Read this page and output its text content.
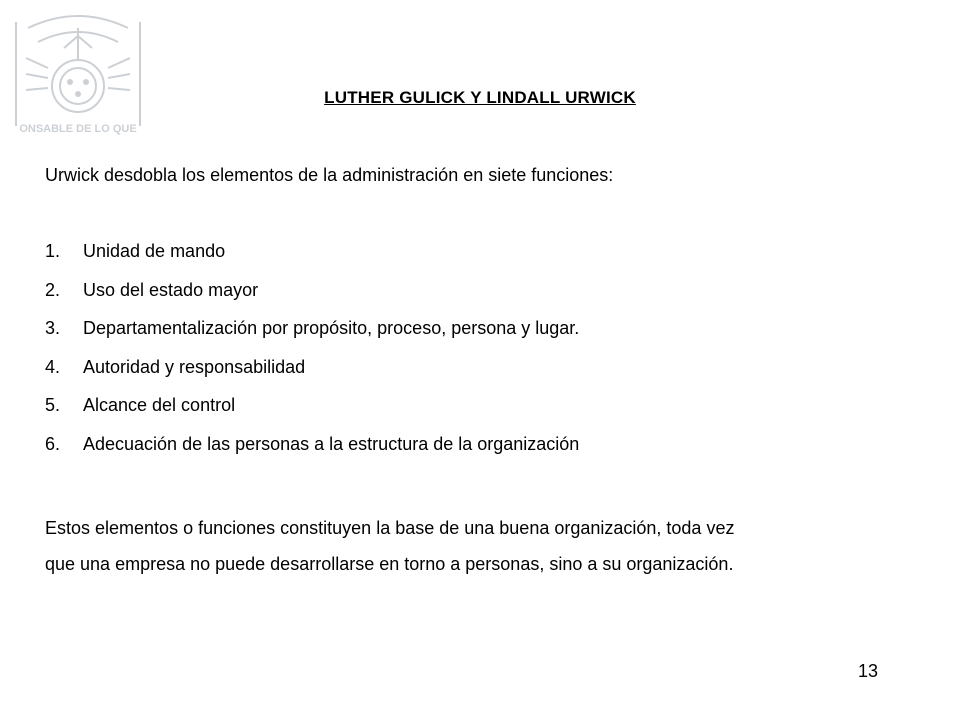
ONSABLE DE LO QUE
LUTHER GULICK Y LINDALL URWICK
Urwick desdobla los elementos de la administración en siete funciones:
1.	Unidad de mando
2.	Uso del estado mayor
3.	Departamentalización por propósito, proceso, persona y lugar.
4.	Autoridad y responsabilidad
5.	Alcance del control
6.	Adecuación de las personas a la estructura de la organización

Estos elementos o funciones constituyen la base de una buena organización, toda vez

que una empresa no puede desarrollarse en torno a personas, sino a su organización.

13
